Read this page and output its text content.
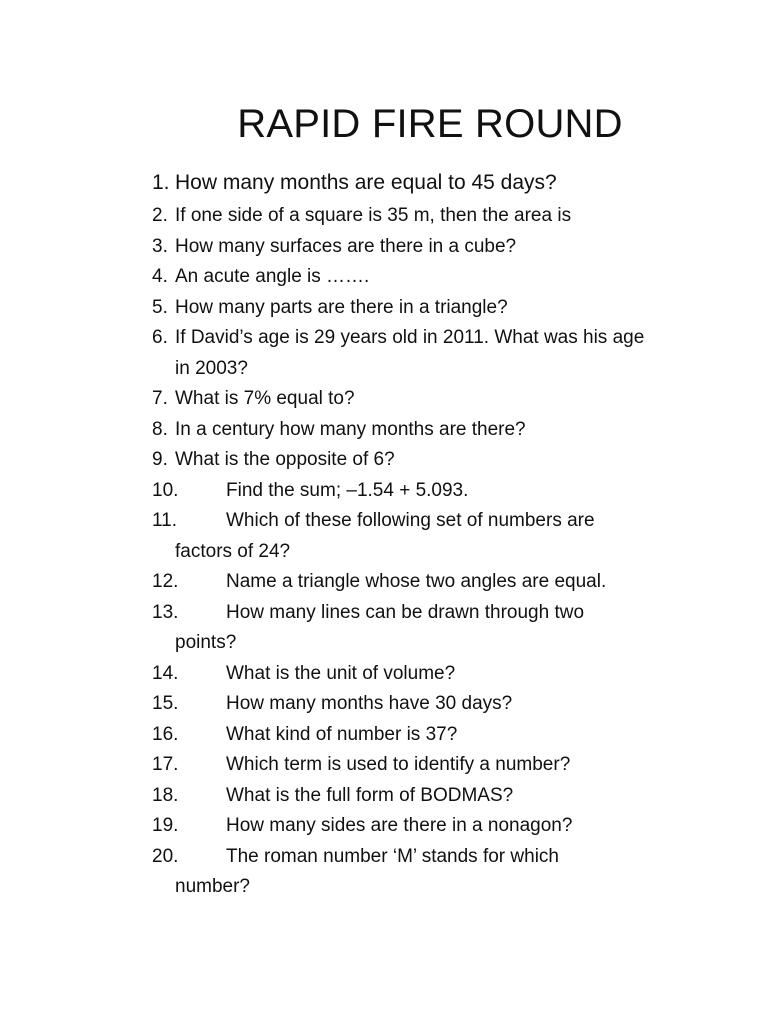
RAPID FIRE ROUND
1. How many months are equal to 45 days?
2. If one side of a square is 35 m, then the area is
3. How many surfaces are there in a cube?
4. An acute angle is …….
5. How many parts are there in a triangle?
6. If David’s age is 29 years old in 2011. What was his age
in 2003?
7. What is 7% equal to?
8. In a century how many months are there?
9. What is the opposite of 6?
10.	Find the sum; –1.54 + 5.093.
11.	Which of these following set of numbers are
factors of 24?
12.	Name a triangle whose two angles are equal.
13.	How many lines can be drawn through two
points?
14.	What is the unit of volume?
15.	How many months have 30 days?
16.	What kind of number is 37?
17.	Which term is used to identify a number?
18.	What is the full form of BODMAS?
19.	How many sides are there in a nonagon?
20.	The roman number ‘M’ stands for which
number?
